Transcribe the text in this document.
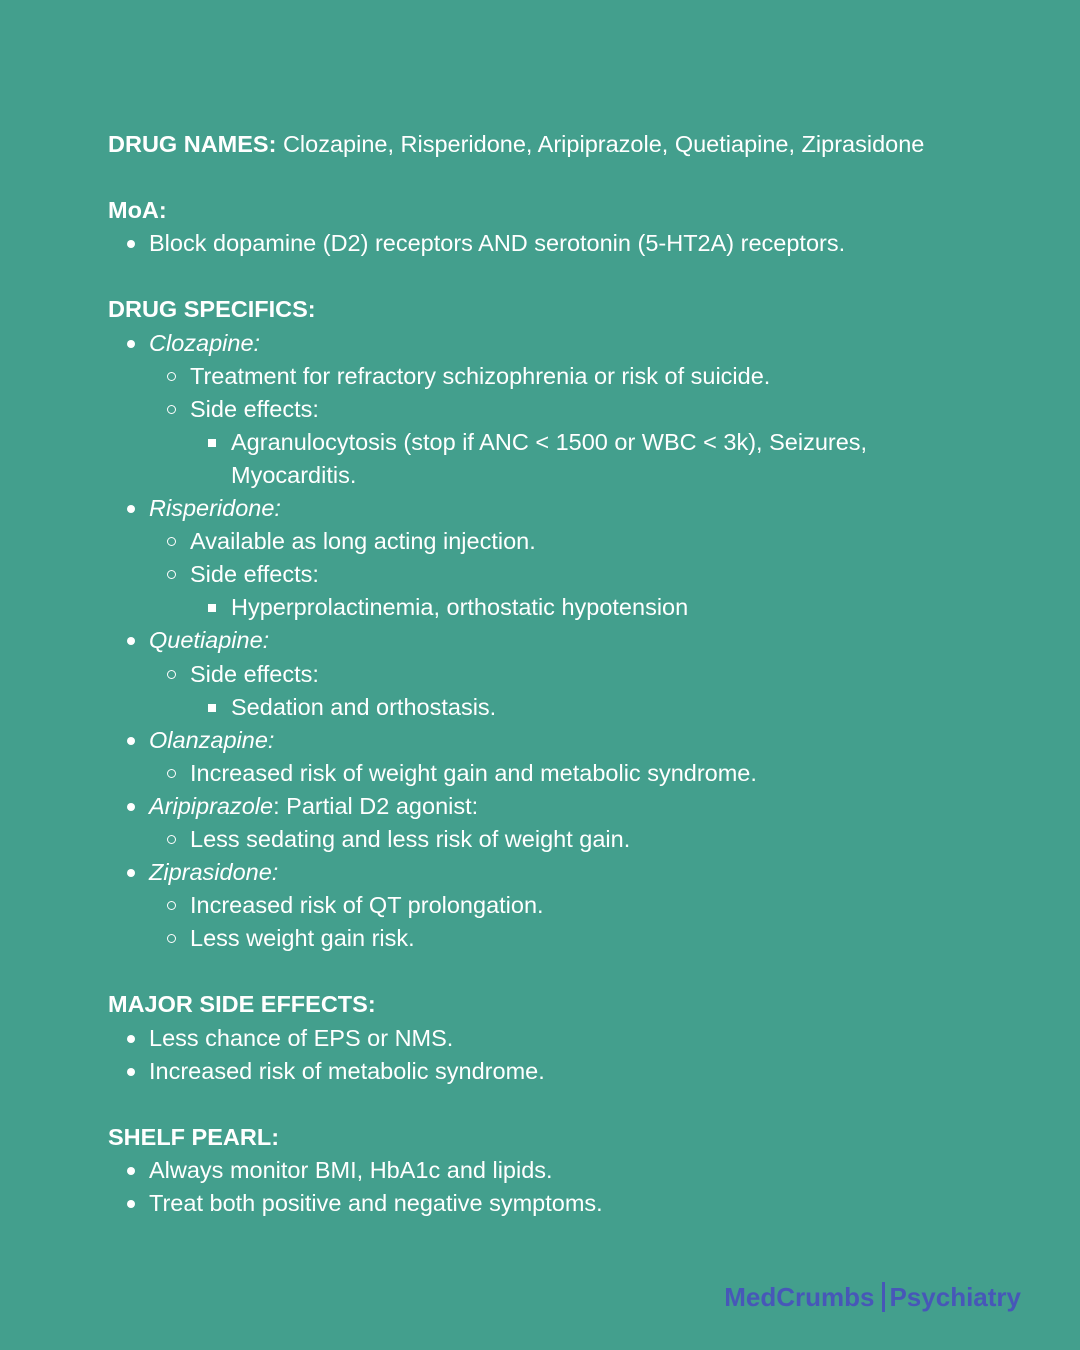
DRUG NAMES: Clozapine, Risperidone, Aripiprazole, Quetiapine, Ziprasidone
MoA:
Block dopamine (D2) receptors AND serotonin (5-HT2A) receptors.
DRUG SPECIFICS:
Clozapine:
Treatment for refractory schizophrenia or risk of suicide.
Side effects:
Agranulocytosis (stop if ANC < 1500 or WBC < 3k), Seizures, Myocarditis.
Risperidone:
Available as long acting injection.
Side effects:
Hyperprolactinemia, orthostatic hypotension
Quetiapine:
Side effects:
Sedation and orthostasis.
Olanzapine:
Increased risk of weight gain and metabolic syndrome.
Aripiprazole: Partial D2 agonist:
Less sedating and less risk of weight gain.
Ziprasidone:
Increased risk of QT prolongation.
Less weight gain risk.
MAJOR SIDE EFFECTS:
Less chance of EPS or NMS.
Increased risk of metabolic syndrome.
SHELF PEARL:
Always monitor BMI, HbA1c and lipids.
Treat both positive and negative symptoms.
MedCrumbs Psychiatry
